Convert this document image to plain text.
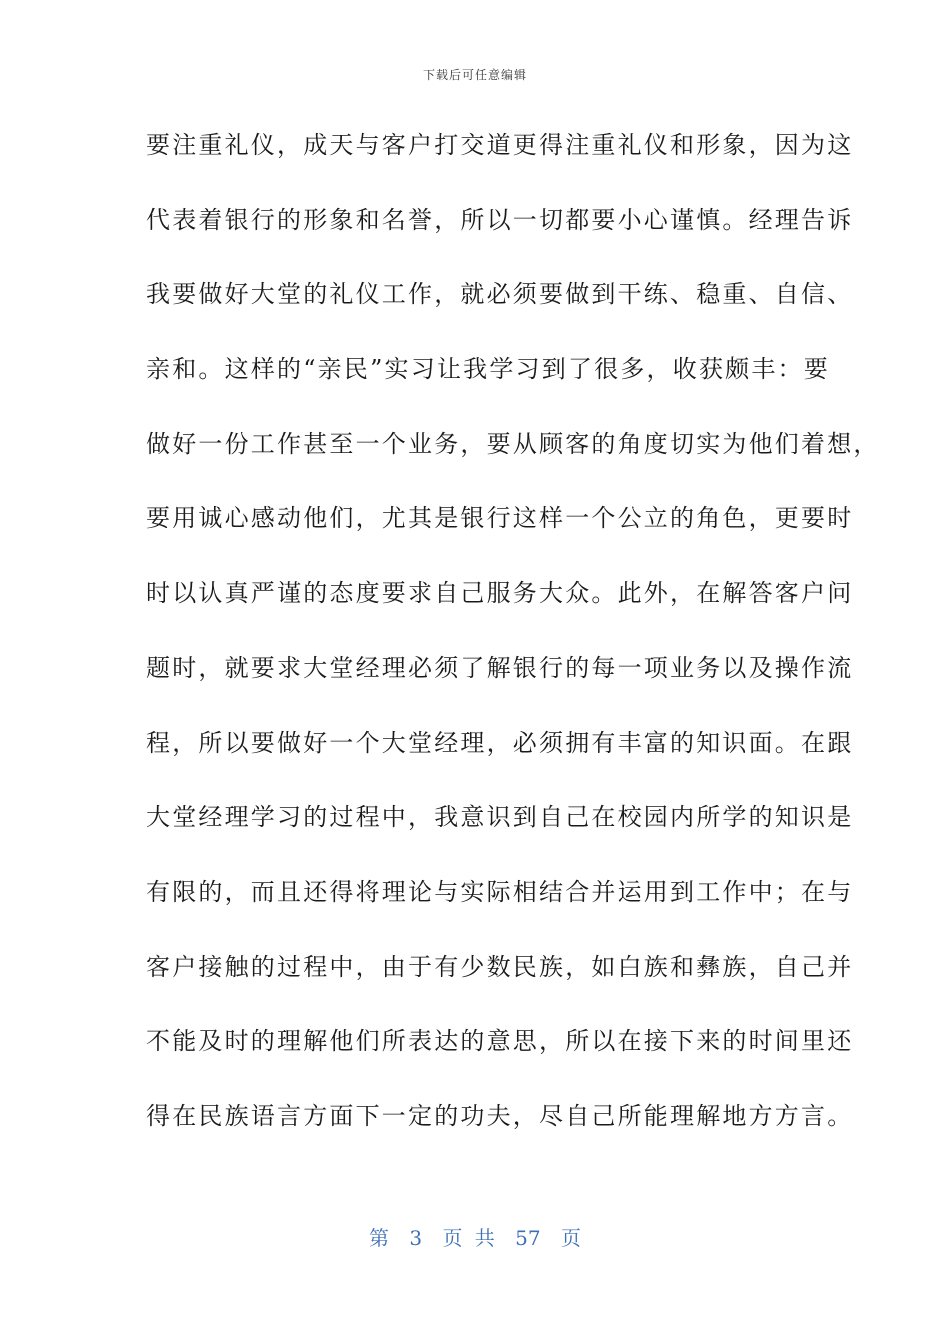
下载后可任意编辑
要注重礼仪，成天与客户打交道更得注重礼仪和形象，因为这
代表着银行的形象和名誉，所以一切都要小心谨慎。经理告诉
我要做好大堂的礼仪工作，就必须要做到干练、稳重、自信、
亲和。这样的“亲民”实习让我学习到了很多，收获颇丰：要
做好一份工作甚至一个业务，要从顾客的角度切实为他们着想，
要用诚心感动他们，尤其是银行这样一个公立的角色，更要时
时以认真严谨的态度要求自己服务大众。此外，在解答客户问
题时，就要求大堂经理必须了解银行的每一项业务以及操作流
程，所以要做好一个大堂经理，必须拥有丰富的知识面。在跟
大堂经理学习的过程中，我意识到自己在校园内所学的知识是
有限的，而且还得将理论与实际相结合并运用到工作中；在与
客户接触的过程中，由于有少数民族，如白族和彝族，自己并
不能及时的理解他们所表达的意思，所以在接下来的时间里还
得在民族语言方面下一定的功夫，尽自己所能理解地方方言。
第 3 页 共 57 页
